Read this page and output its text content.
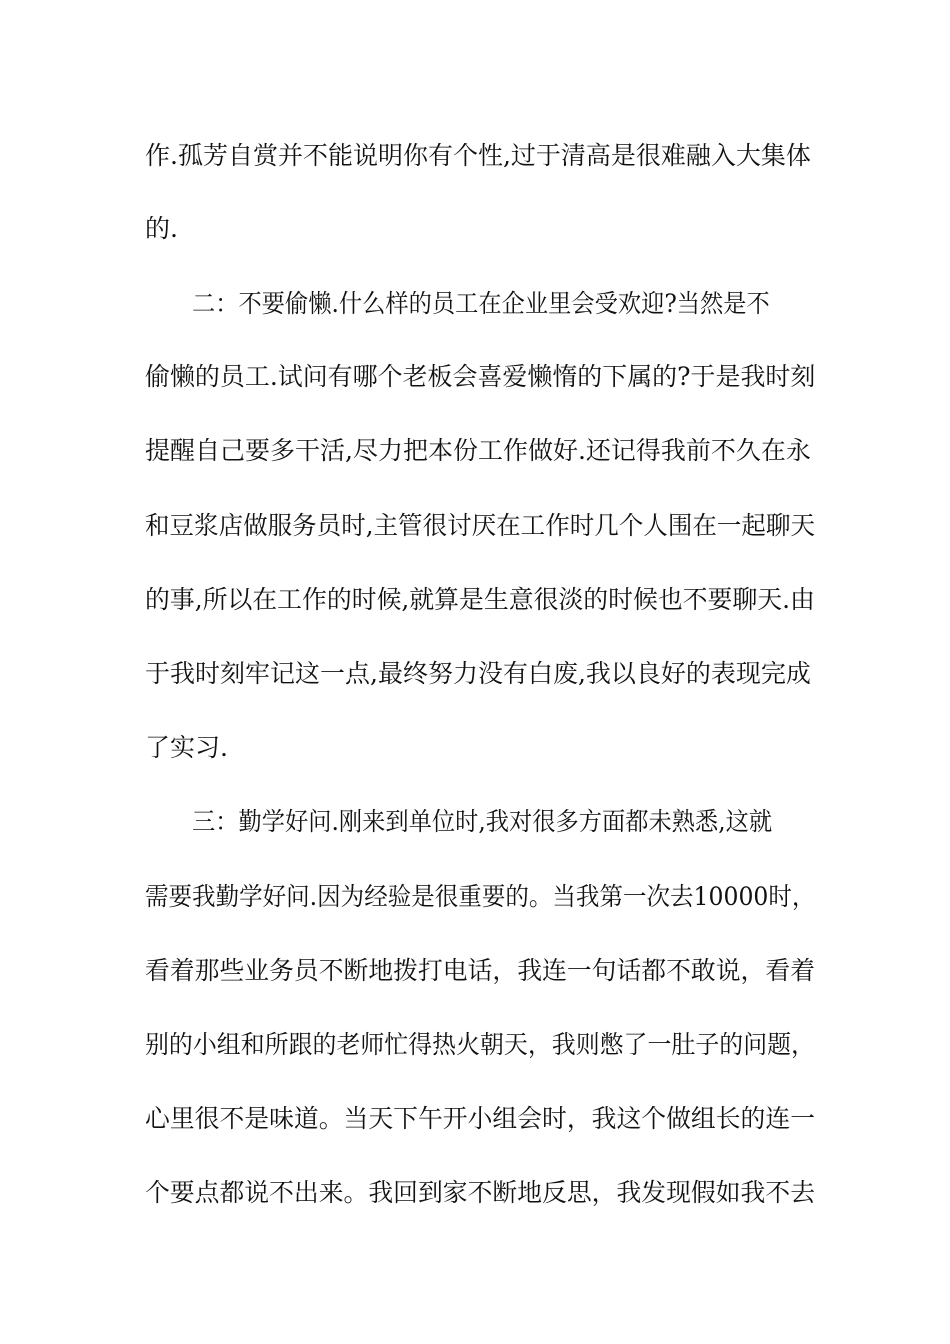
作.孤芳自赏并不能说明你有个性,过于清高是很难融入大集体
的.
二：不要偷懒.什么样的员工在企业里会受欢迎?当然是不
偷懒的员工.试问有哪个老板会喜爱懒惰的下属的?于是我时刻
提醒自己要多干活,尽力把本份工作做好.还记得我前不久在永
和豆浆店做服务员时,主管很讨厌在工作时几个人围在一起聊天
的事,所以在工作的时候,就算是生意很淡的时候也不要聊天.由
于我时刻牢记这一点,最终努力没有白废,我以良好的表现完成
了实习.
三：勤学好问.刚来到单位时,我对很多方面都未熟悉,这就
需要我勤学好问.因为经验是很重要的。当我第一次去10000时，
看着那些业务员不断地拨打电话，我连一句话都不敢说，看着
别的小组和所跟的老师忙得热火朝天，我则憋了一肚子的问题，
心里很不是味道。当天下午开小组会时，我这个做组长的连一
个要点都说不出来。我回到家不断地反思，我发现假如我不去
